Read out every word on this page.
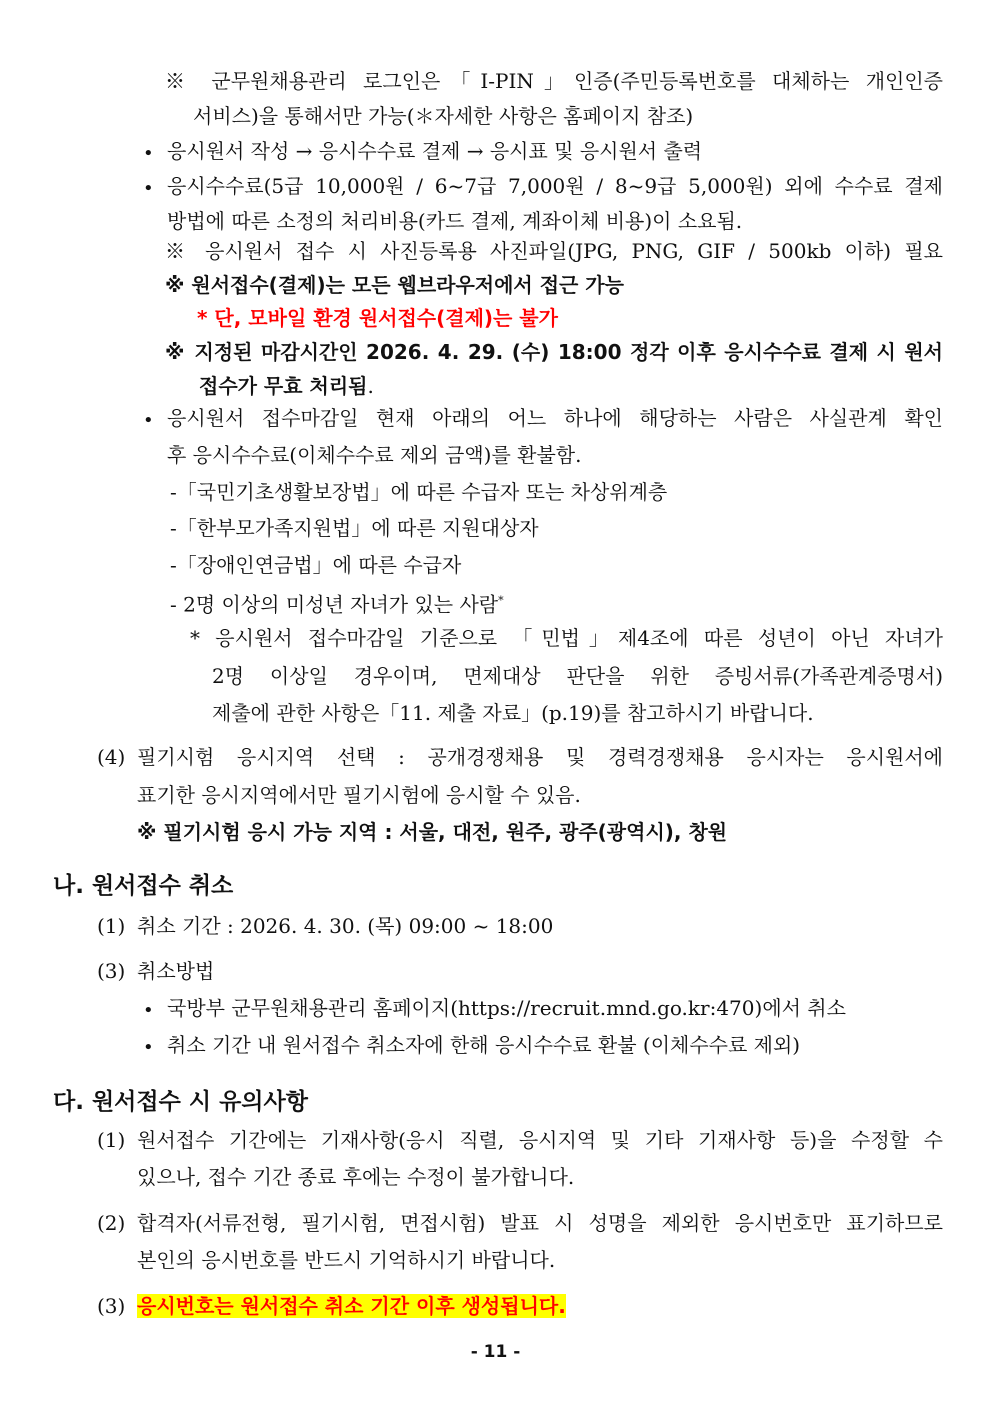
※ 군무원채용관리 로그인은「I-PIN」인증(주민등록번호를 대체하는 개인인증
서비스)을 통해서만 가능(＊자세한 사항은 홈페이지 참조)
• 응시원서 작성 → 응시수수료 결제 → 응시표 및 응시원서 출력
• 응시수수료(5급 10,000원 / 6~7급 7,000원 / 8~9급 5,000원) 외에 수수료 결제
방법에 따른 소정의 처리비용(카드 결제, 계좌이체 비용)이 소요됨.
※ 응시원서 접수 시 사진등록용 사진파일(JPG, PNG, GIF / 500kb 이하) 필요
※ 원서접수(결제)는 모든 웹브라우저에서 접근 가능
* 단, 모바일 환경 원서접수(결제)는 불가
※ 지정된 마감시간인 2026. 4. 29. (수) 18:00 정각 이후 응시수수료 결제 시 원서
접수가 무효 처리됨.
• 응시원서 접수마감일 현재 아래의 어느 하나에 해당하는 사람은 사실관계 확인
후 응시수수료(이체수수료 제외 금액)를 환불함.
-「국민기초생활보장법」에 따른 수급자 또는 차상위계층
-「한부모가족지원법」에 따른 지원대상자
-「장애인연금법」에 따른 수급자
- 2명 이상의 미성년 자녀가 있는 사람*
* 응시원서 접수마감일 기준으로 「민법」제4조에 따른 성년이 아닌 자녀가
2명 이상일 경우이며, 면제대상 판단을 위한 증빙서류(가족관계증명서)
제출에 관한 사항은「11. 제출 자료」(p.19)를 참고하시기 바랍니다.
(4) 필기시험 응시지역 선택 : 공개경쟁채용 및 경력경쟁채용 응시자는 응시원서에
표기한 응시지역에서만 필기시험에 응시할 수 있음.
※ 필기시험 응시 가능 지역 : 서울, 대전, 원주, 광주(광역시), 창원
나. 원서접수 취소
(1) 취소 기간 : 2026. 4. 30. (목) 09:00 ~ 18:00
(3) 취소방법
• 국방부 군무원채용관리 홈페이지(https://recruit.mnd.go.kr:470)에서 취소
• 취소 기간 내 원서접수 취소자에 한해 응시수수료 환불 (이체수수료 제외)
다. 원서접수 시 유의사항
(1) 원서접수 기간에는 기재사항(응시 직렬, 응시지역 및 기타 기재사항 등)을 수정할 수
있으나, 접수 기간 종료 후에는 수정이 불가합니다.
(2) 합격자(서류전형, 필기시험, 면접시험) 발표 시 성명을 제외한 응시번호만 표기하므로
본인의 응시번호를 반드시 기억하시기 바랍니다.
(3) 응시번호는 원서접수 취소 기간 이후 생성됩니다.
- 11 -
